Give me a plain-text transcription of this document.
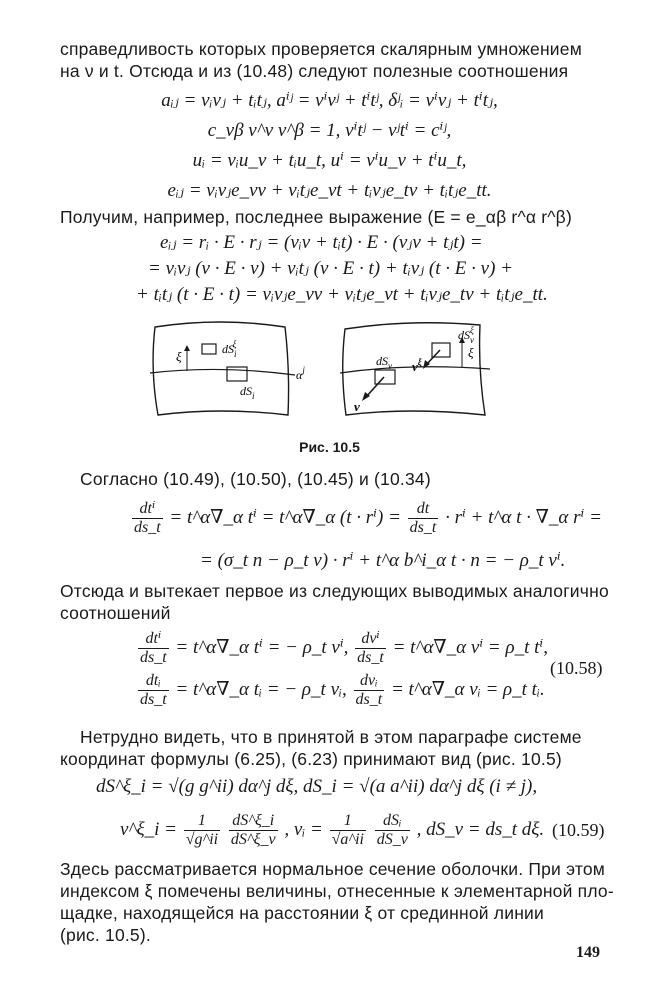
справедливость которых проверяется скалярным умножением
на ν и t. Отсюда и из (10.48) следуют полезные соотношения
aᵢⱼ = νᵢνⱼ + tᵢtⱼ, aⁱʲ = νⁱνʲ + tⁱtʲ, δʲᵢ = νⁱνⱼ + tⁱtⱼ,
c_νβ ν^ν ν^β = 1, νⁱtʲ − νʲtⁱ = cⁱʲ,
uᵢ = νᵢu_ν + tᵢu_t, uⁱ = νⁱu_ν + tⁱu_t,
eᵢⱼ = νᵢνⱼe_νν + νᵢtⱼe_νt + tᵢνⱼe_tν + tᵢtⱼe_tt.
Получим, например, последнее выражение (E = e_αβ r^α r^β)
eᵢⱼ = rᵢ · E · rⱼ = (νᵢν + tᵢt) · E · (νⱼν + tⱼt) =
= νᵢνⱼ (ν · E · ν) + νᵢtⱼ (ν · E · t) + tᵢνⱼ (t · E · ν) +
+ tᵢtⱼ (t · E · t) = νᵢνⱼe_νν + νᵢtⱼe_νt + tᵢνⱼe_tν + tᵢtⱼe_tt.
ξ	$dS_i\xi$
$dS_i$
$\alpha^j$
ξ
$dS_\nu$
$dS_\nu\xi$
$\nu^\xi$
ν
Рис. 10.5
Согласно (10.49), (10.50), (10.45) и (10.34)
$\frac{\text{dtⁱ}}{ds\_t}$ = t^α∇_α tⁱ = t^α∇_α $(t \cdot r^i) = \frac{dt}{ds\_t} \cdot r^i$ + t^α t · ∇_α rⁱ =
= (σ_t n − ρ_t ν) · rⁱ + t^α b^i_α t · n = − ρ_t νⁱ.
Отсюда и вытекает первое из следующих выводимых аналогично
соотношений
$\frac{\text{dtⁱ}}{ds\_t}$ = t^α∇_α tⁱ = − ρ_t νⁱ, $\frac{\text{dνⁱ}}{ds\_t}$ = t^α∇_α νⁱ = ρ_t tⁱ,
$\frac{\text{dtᵢ}}{ds\_t}$ = t^α∇_α tᵢ = − ρ_t νᵢ, $\frac{\text{dνᵢ}}{ds\_t}$ = t^α∇_α νᵢ = ρ_t tᵢ.
(10.58)
Нетрудно видеть, что в принятой в этом параграфе системе
координат формулы (6.25), (6.23) принимают вид (рис. 10.5)
dS^ξ_i = √(g g^ii) dα^j dξ, dS_i = √(a a^ii) dα^j dξ (i ≠ j),
ν^ξ_i = $\frac{1}{√g\^{}ii}$
$\frac{dS\^{}\xi\_i}{dS\^{}\xi\_\nu}$ , νᵢ = $\frac{1}{√a\^{}ii}$
$\frac{\text{dSᵢ}}{dS\_\nu}$ , dS_ν = ds_t dξ. (10.59)
Здесь рассматривается нормальное сечение оболочки. При этом
индексом ξ помечены величины, отнесенные к элементарной пло-
щадке, находящейся на расстоянии ξ от срединной линии
(рис. 10.5).
149
